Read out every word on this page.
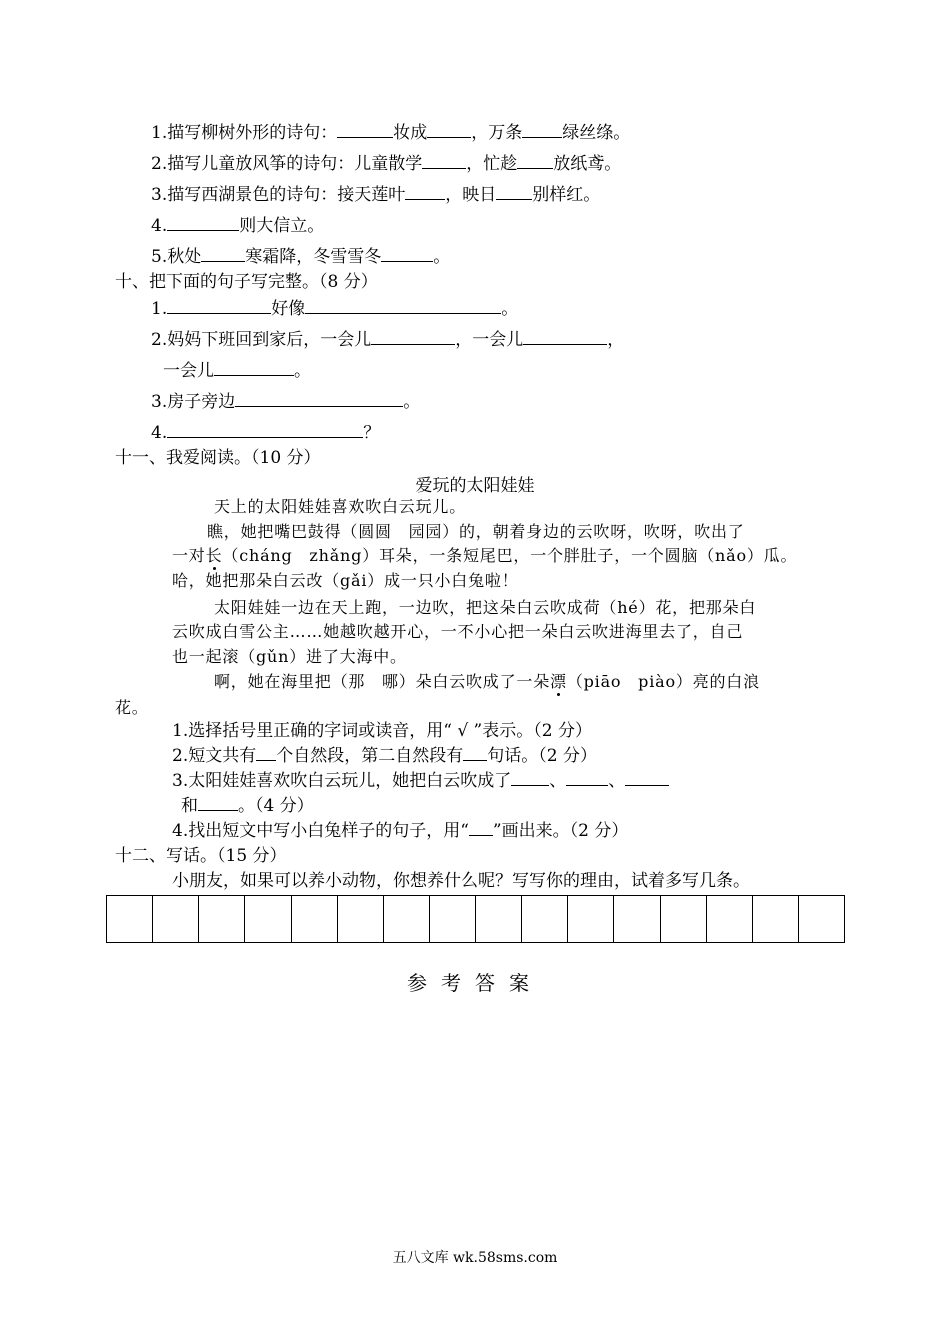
1.描写柳树外形的诗句：	妆成	，万条 绿丝绦。
2.描写儿童放风筝的诗句：儿童散学	，忙趁 放纸鸢。
3.描写西湖景色的诗句：接天莲叶 ，映日 别样红。
4.	则大信立。
5.秋处	寒霜降，冬雪雪冬	。
十、把下面的句子写完整。（8 分）
1.	好像	。
2.妈妈下班回到家后，一会儿	，一会儿	，
一会儿	。
3.房子旁边	。
4.	？
十一、我爱阅读。（10 分）
爱玩的太阳娃娃
天上的太阳娃娃喜欢吹白云玩儿。
瞧，她把嘴巴鼓得（圆圆　园园）的，朝着身边的云吹呀，吹呀，吹出了
一对长（cháng　zhǎng）耳朵，一条短尾巴，一个胖肚子，一个圆脑（nǎo）瓜。
哈，她把那朵白云改（gǎi）成一只小白兔啦！
太阳娃娃一边在天上跑，一边吹，把这朵白云吹成荷（hé）花，把那朵白
云吹成白雪公主……她越吹越开心，一不小心把一朵白云吹进海里去了，自己
也一起滚（gǔn）进了大海中。
啊，她在海里把（那　哪）朵白云吹成了一朵漂（piāo　piào）亮的白浪
花。
1.选择括号里正确的字词或读音，用“ √ ”表示。（2 分）
2.短文共有 个自然段，第二自然段有 句话。（2 分）
3.太阳娃娃喜欢吹白云玩儿，她把白云吹成了 、 、
和 。（4 分）
4.找出短文中写小白兔样子的句子，用“ ”画出来。（2 分）
十二、写话。（15 分）
小朋友，如果可以养小动物，你想养什么呢？写写你的理由，试着多写几条。
参考答案
五八文库 wk.58sms.com
